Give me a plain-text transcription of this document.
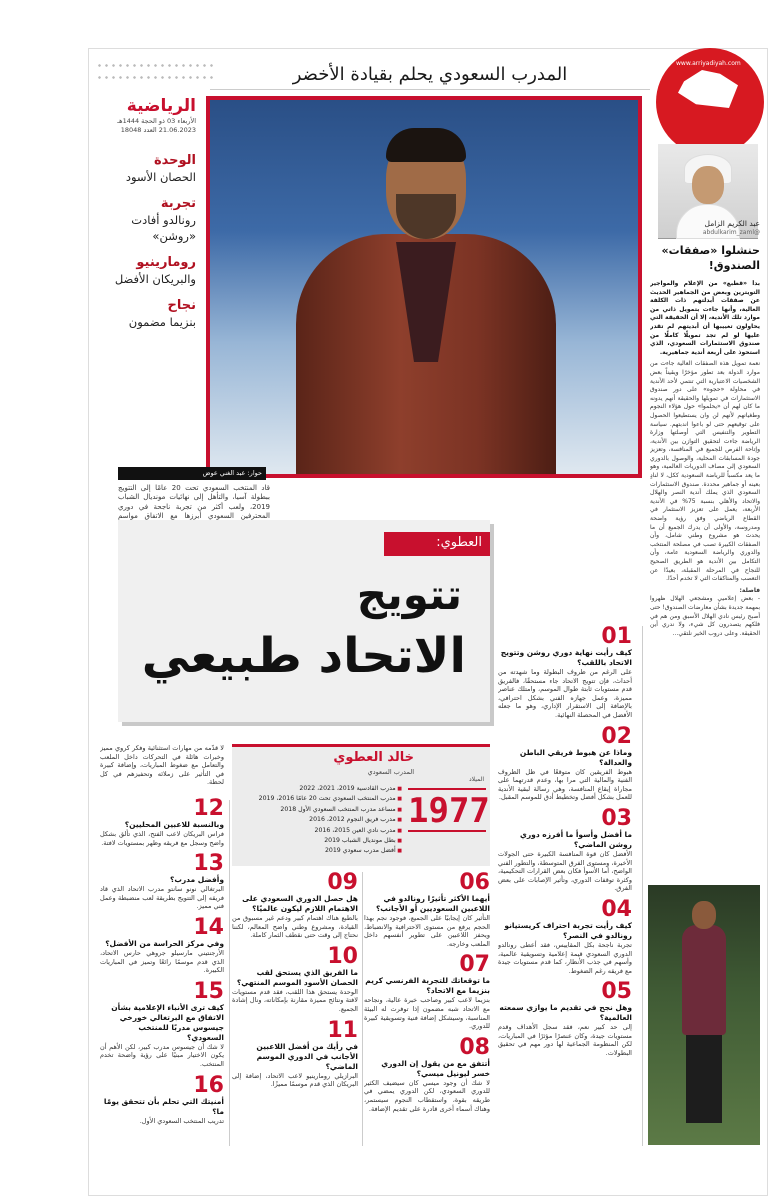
www.arriyadiyah.com
الرياضية
الأربعاء 03 ذو الحجة 1444هـ
21.06.2023 العدد 18048
المدرب السعودي يحلم بقيادة الأخضر
عبد الكريم الزامل
@abdulkarim_zaml
حنشلوا «صفقات»
الصندوق!

بدأ «قطبع» من الإعلام والمواجير التويترين وبعض من الجماهير الحديث عن صفقات أبدلتهم ذات الكلفة العالية، وأنها جاءت بتمويل ذاتي من موارد تلك الأندية، إلا أن الحقيقة التي يحاولون تغييبها أن أبديتهم لم تقدر عليها لو لم تجد تمويلًا كاملًا من صندوق الاستثمارات السعودي، الذي استحوذ على أربعة أندية جماهيرية.

نعمة تمويل هذه الصفقات العالية جاءت من موارد الدولة بعد تطور مؤخرًا ويقيناً بعض الشخصيات الاعتبارية التي تنتمي لأحد الأندية في محاولة «حجوه» على دور صندوق الاستثمارات في تمويلها والحقيقة أنهم يدونه ما كان لهم أن «يحلموا» حول هؤلاء النجوم وطغيانهم لأنهم لن وان يستطيعوا الحصول على توقيعهم حتى لو باعوا اندبتهم. سياسة التطوير والتنفيس التي أوصلتها وزارة الرياضة جاءت لتحقيق التوازن بين الأندية، وإتاحة الفرص للجميع في المنافسة، وتعزيز جودة المسابقات المحلية، والوصول بالدوري السعودي إلى مصاف الدوريات العالمية، وهو ما يعد مكسباً للرياضة السعودية ككل، لا لنادٍ بعينه أو جماهير محددة. صندوق الاستثمارات السعودي الذي يملك أندية النصر والهلال والاتحاد والأهلي بنسبة 75% في الأندية الأربعة، يعمل على تعزيز الاستثمار في القطاع الرياضي وفق رؤية واضحة ومدروسة، والأولى أن يدرك الجميع أن ما يحدث هو مشروع وطني شامل، وأن الصفقات الكبيرة تصب في مصلحة المنتخب والدوري والرياضة السعودية عامة، وأن التكامل بين الأندية هو الطريق الصحيح للنجاح في المرحلة المقبلة، بعيدًا عن التعصب والمناكفات التي لا تخدم أحدًا.

فاصلة:

- بعض إعلاميي ومشجعي الهلال ظهروا بمهمة جديدة بشأن معارضات الصندوق! حتى أصبح رئيس نادي الهلال الأسبق ومن هم في فلكهم يتصدرون كل شيء، ولا ندري أين الحقيقة. وعلى دروب الخير نلتقي...

الوحدة
الحصان الأسود
تجربة
رونالدو أفادت «روشن»
رومارينيو
والبريكان الأفضل
نجاح
بنزيما مضمون
حوار: عبد الغني عوض
قاد المنتخب السعودي تحت 20 عامًا إلى التتويج ببطولة آسيا، والتأهل إلى نهائيات مونديال الشباب 2019، ولعب أكثر من تجربة ناجحة في دوري المحترفين السعودي أبرزها مع الاتفاق مواسم
العطوي:
تتويج
الاتحاد طبيعي	01
كيف رأيت نهاية دوري روشن وتتويج الاتحاد باللقب؟
على الرغم من ظروف البطولة وما شهدته من أحداث، فإن تتويج الاتحاد جاء مستحقًا، فالفريق قدم مستويات ثابتة طوال الموسم، وامتلك عناصر مميزة، وعمل جهازه الفني بشكل احترافي، بالإضافة إلى الاستقرار الإداري، وهو ما جعله الأفضل في المحصلة النهائية.
02
وماذا عن هبوط فريقي الباطن والعدالة؟
هبوط الفريقين كان متوقعًا في ظل الظروف الفنية والمالية التي مرا بها، وعدم قدرتهما على مجاراة إيقاع المنافسة، وهي رسالة لبقية الأندية للعمل بشكل أفضل وتخطيط أدق للموسم المقبل.
03
ما أفضل وأسوأ ما أفرزه دوري روشن الماضي؟
الأفضل كان قوة المنافسة الكبيرة حتى الجولات الأخيرة، ومستوى الفرق المتوسطة، والتطور الفني الواضح، أما الأسوأ فكان بعض القرارات التحكيمية، وكثرة توقفات الدوري، وتأثير الإصابات على بعض الفرق.
04
كيف رأيت تجربة احتراف كريستيانو رونالدو في النصر؟
تجربة ناجحة بكل المقاييس، فقد أعطى رونالدو الدوري السعودي قيمة إعلامية وتسويقية عالمية، وأسهم في جذب الأنظار، كما قدم مستويات جيدة مع فريقه رغم الضغوط.
05
وهل نجح في تقديم ما يوازي سمعته العالمية؟
إلى حد كبير نعم، فقد سجل الأهداف وقدم مستويات جيدة، وكان عنصرًا مؤثرًا في المباريات، لكن المنظومة الجماعية لها دور مهم في تحقيق البطولات.
خالد العطوي
المدرب السعودي
الميلاد
1977
■ مدرب القادسية 2019، 2021، 2022
■ مدرب المنتخب السعودي تحت 20 عامًا 2016، 2019
■ مساعد مدرب المنتخب السعودي الأول 2018
■ مدرب فريق النجوم 2012، 2016
■ مدرب نادي العين 2015، 2016
■ بطل مونديال الشباب 2019
■ أفضل مدرب سعودي 2019
لا قدّمه من مهارات استثنائية وفكر كروي مميز وخبرات هائلة في التحركات داخل الملعب والتعامل مع ضغوط المباريات، وإضافة كبيرة في التأثير على زملائه وتحفيزهم في كل لحظة.
06
أيهما الأكثر تأثيرًا رونالدو في اللاعبين السعوديين أو الأجانب؟
التأثير كان إيجابيًا على الجميع، فوجود نجم بهذا الحجم يرفع من مستوى الاحترافية والانضباط، ويحفز اللاعبين على تطوير أنفسهم داخل الملعب وخارجه.
07
ما توقعاتك للتجربة الفرنسي كريم بنزيما مع الاتحاد؟
بنزيما لاعب كبير وصاحب خبرة عالية، ونجاحه مع الاتحاد شبه مضمون إذا توفرت له البيئة المناسبة، وسيشكل إضافة فنية وتسويقية كبيرة للدوري.
08
أتتفق مع من يقول إن الدوري خسر ليونيل ميسي؟
لا شك أن وجود ميسي كان سيضيف الكثير للدوري السعودي، لكن الدوري يمضي في طريقه بقوة، واستقطاب النجوم سيستمر، وهناك أسماء أخرى قادرة على تقديم الإضافة.
09
هل حصل الدوري السعودي على الاهتمام اللازم ليكون عالميًا؟
بالطبع هناك اهتمام كبير ودعم غير مسبوق من القيادة، ومشروع وطني واضح المعالم، لكننا نحتاج إلى وقت حتى نقطف الثمار كاملة.
10
ما الفريق الذي يستحق لقب الحصان الأسود الموسم المنتهي؟
الوحدة يستحق هذا اللقب، فقد قدم مستويات لافتة ونتائج مميزة مقارنة بإمكاناته، ونال إشادة الجميع.
11
في رأيك من أفضل اللاعبين الأجانب في الدوري الموسم الماضي؟
البرازيلي رومارينيو لاعب الاتحاد، إضافة إلى البريكان الذي قدم موسمًا مميزًا.
12
وبالنسبة للاعبين المحليين؟
فراس البريكان لاعب الفتح، الذي تألق بشكل واضح وسجل مع فريقه وظهر بمستويات لافتة.
13
وأفضل مدرب؟
البرتغالي نونو سانتو مدرب الاتحاد الذي قاد فريقه إلى التتويج بطريقة لعب منضبطة وعمل فني مميز.
14
وفي مركز الحراسة من الأفضل؟
الأرجنتيني مارسيلو جروهي حارس الاتحاد، الذي قدم موسمًا رائعًا وتميز في المباريات الكبيرة.
15
كيف ترى الأنباء الإعلامية بشأن الاتفاق مع البرتغالي خورخي جيسوس مدربًا للمنتخب السعودي؟
لا شك أن جيسوس مدرب كبير، لكن الأهم أن يكون الاختيار مبنيًا على رؤية واضحة تخدم المنتخب.
16
أمنيتك التي تحلم بأن تتحقق يومًا ما؟
تدريب المنتخب السعودي الأول.
